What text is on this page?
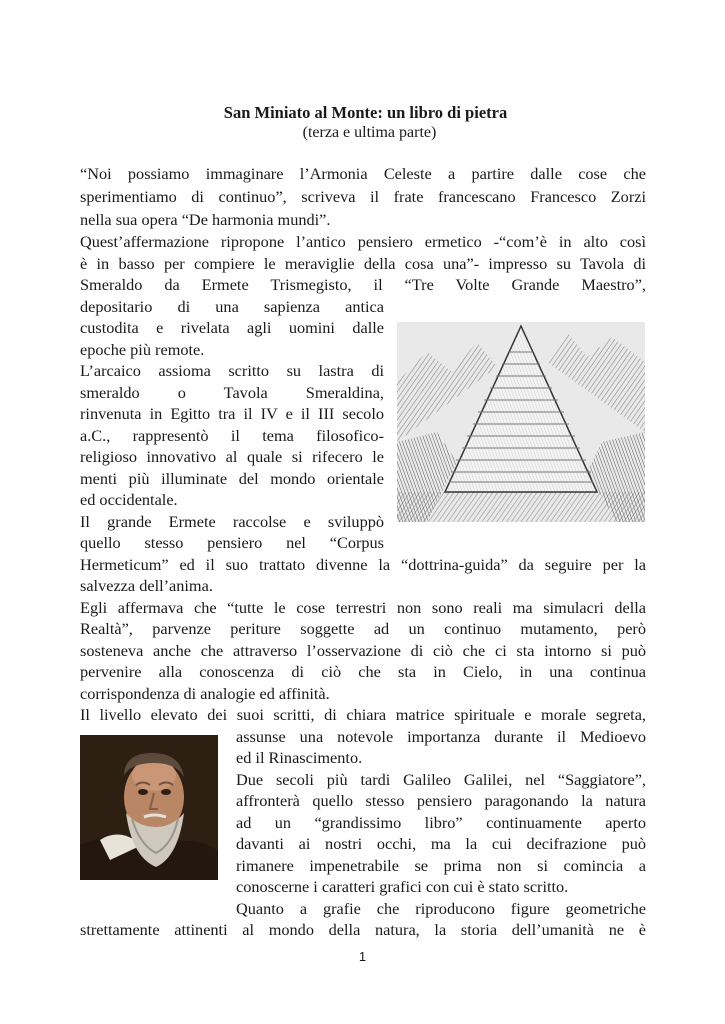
San Miniato al Monte: un libro di pietra
(terza e ultima parte)
“Noi possiamo immaginare l’Armonia Celeste a partire dalle cose che
sperimentiamo di continuo”, scriveva il frate francescano Francesco Zorzi
nella sua opera “De harmonia mundi”.
Quest’affermazione ripropone l’antico pensiero ermetico -“com’è in alto così
è in basso per compiere le meraviglie della cosa una”- impresso su Tavola di
Smeraldo da Ermete Trismegisto, il “Tre Volte Grande Maestro”,
depositario di una sapienza antica
custodita e rivelata agli uomini dalle
epoche più remote.
L’arcaico assioma scritto su lastra di
smeraldo o Tavola Smeraldina,
rinvenuta in Egitto tra il IV e il III secolo
a.C., rappresentò il tema filosofico-
religioso innovativo al quale si rifecero le
menti più illuminate del mondo orientale
ed occidentale.
Il grande Ermete raccolse e sviluppò
quello stesso pensiero nel “Corpus
Hermeticum” ed il suo trattato divenne la “dottrina-guida” da seguire per la
salvezza dell’anima.
Egli affermava che “tutte le cose terrestri non sono reali ma simulacri della
Realtà”, parvenze periture soggette ad un continuo mutamento, però
sosteneva anche che attraverso l’osservazione di ciò che ci sta intorno si può
pervenire alla conoscenza di ciò che sta in Cielo, in una continua
corrispondenza di analogie ed affinità.
Il livello elevato dei suoi scritti, di chiara matrice spirituale e morale segreta,
assunse una notevole importanza durante il Medioevo
ed il Rinascimento.
Due secoli più tardi Galileo Galilei, nel “Saggiatore”,
affronterà quello stesso pensiero paragonando la natura
ad un “grandissimo libro” continuamente aperto
davanti ai nostri occhi, ma la cui decifrazione può
rimanere impenetrabile se prima non si comincia a
conoscerne i caratteri grafici con cui è stato scritto.
Quanto a grafie che riproducono figure geometriche
strettamente attinenti al mondo della natura, la storia dell’umanità ne è
1
